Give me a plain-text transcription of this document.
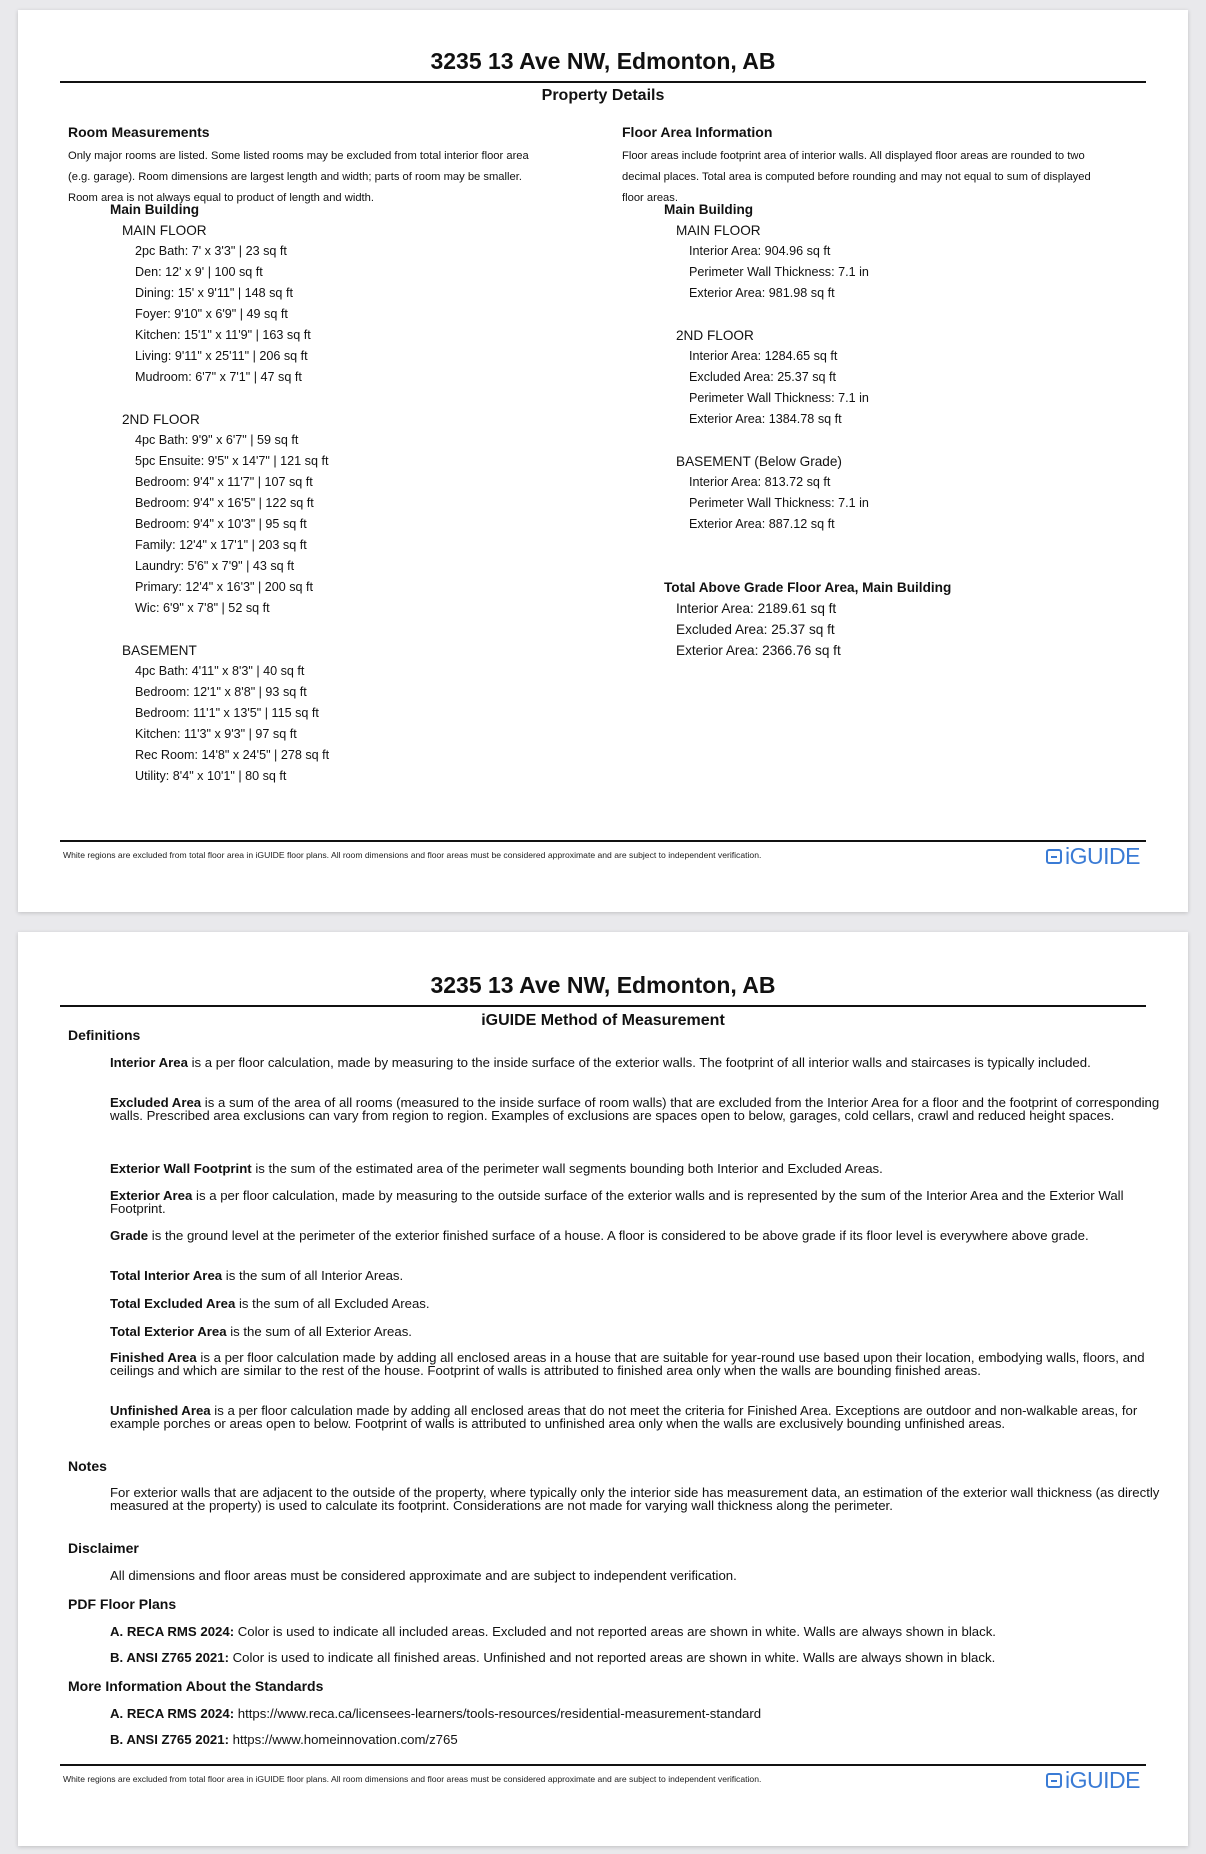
3235 13 Ave NW, Edmonton, AB
Property Details
Room Measurements

Only major rooms are listed. Some listed rooms may be excluded from total interior floor area
(e.g. garage). Room dimensions are largest length and width; parts of room may be smaller.
Room area is not always equal to product of length and width.

Main Building
MAIN FLOOR
2pc Bath: 7' x 3'3" | 23 sq ft
Den: 12' x 9' | 100 sq ft
Dining: 15' x 9'11" | 148 sq ft
Foyer: 9'10" x 6'9" | 49 sq ft
Kitchen: 15'1" x 11'9" | 163 sq ft
Living: 9'11" x 25'11" | 206 sq ft
Mudroom: 6'7" x 7'1" | 47 sq ft
2ND FLOOR
4pc Bath: 9'9" x 6'7" | 59 sq ft
5pc Ensuite: 9'5" x 14'7" | 121 sq ft
Bedroom: 9'4" x 11'7" | 107 sq ft
Bedroom: 9'4" x 16'5" | 122 sq ft
Bedroom: 9'4" x 10'3" | 95 sq ft
Family: 12'4" x 17'1" | 203 sq ft
Laundry: 5'6" x 7'9" | 43 sq ft
Primary: 12'4" x 16'3" | 200 sq ft
Wic: 6'9" x 7'8" | 52 sq ft
BASEMENT
4pc Bath: 4'11" x 8'3" | 40 sq ft
Bedroom: 12'1" x 8'8" | 93 sq ft
Bedroom: 11'1" x 13'5" | 115 sq ft
Kitchen: 11'3" x 9'3" | 97 sq ft
Rec Room: 14'8" x 24'5" | 278 sq ft
Utility: 8'4" x 10'1" | 80 sq ft
Floor Area Information

Floor areas include footprint area of interior walls. All displayed floor areas are rounded to two
decimal places. Total area is computed before rounding and may not equal to sum of displayed
floor areas.

Main Building
MAIN FLOOR
Interior Area: 904.96 sq ft
Perimeter Wall Thickness: 7.1 in
Exterior Area: 981.98 sq ft
2ND FLOOR
Interior Area: 1284.65 sq ft
Excluded Area: 25.37 sq ft
Perimeter Wall Thickness: 7.1 in
Exterior Area: 1384.78 sq ft
BASEMENT (Below Grade)
Interior Area: 813.72 sq ft
Perimeter Wall Thickness: 7.1 in
Exterior Area: 887.12 sq ft
Total Above Grade Floor Area, Main Building
Interior Area: 2189.61 sq ft
Excluded Area: 25.37 sq ft
Exterior Area: 2366.76 sq ft
White regions are excluded from total floor area in iGUIDE floor plans. All room dimensions and floor areas must be considered approximate and are subject to independent verification.	iGUIDE
3235 13 Ave NW, Edmonton, AB
iGUIDE Method of Measurement
Definitions

Interior Area is a per floor calculation, made by measuring to the inside surface of the exterior walls. The footprint of all interior walls and staircases is typically included.

Excluded Area is a sum of the area of all rooms (measured to the inside surface of room walls) that are excluded from the Interior Area for a floor and the footprint of corresponding walls. Prescribed area exclusions can vary from region to region. Examples of exclusions are spaces open to below, garages, cold cellars, crawl and reduced height spaces.

Exterior Wall Footprint is the sum of the estimated area of the perimeter wall segments bounding both Interior and Excluded Areas.

Exterior Area is a per floor calculation, made by measuring to the outside surface of the exterior walls and is represented by the sum of the Interior Area and the Exterior Wall Footprint.

Grade is the ground level at the perimeter of the exterior finished surface of a house. A floor is considered to be above grade if its floor level is everywhere above grade.

Total Interior Area is the sum of all Interior Areas.

Total Excluded Area is the sum of all Excluded Areas.

Total Exterior Area is the sum of all Exterior Areas.

Finished Area is a per floor calculation made by adding all enclosed areas in a house that are suitable for year-round use based upon their location, embodying walls, floors, and ceilings and which are similar to the rest of the house. Footprint of walls is attributed to finished area only when the walls are bounding finished areas.

Unfinished Area is a per floor calculation made by adding all enclosed areas that do not meet the criteria for Finished Area. Exceptions are outdoor and non-walkable areas, for example porches or areas open to below. Footprint of walls is attributed to unfinished area only when the walls are exclusively bounding unfinished areas.

Notes

For exterior walls that are adjacent to the outside of the property, where typically only the interior side has measurement data, an estimation of the exterior wall thickness (as directly measured at the property) is used to calculate its footprint. Considerations are not made for varying wall thickness along the perimeter.

Disclaimer

All dimensions and floor areas must be considered approximate and are subject to independent verification.

PDF Floor Plans

A. RECA RMS 2024: Color is used to indicate all included areas. Excluded and not reported areas are shown in white. Walls are always shown in black.

B. ANSI Z765 2021: Color is used to indicate all finished areas. Unfinished and not reported areas are shown in white. Walls are always shown in black.

More Information About the Standards

A. RECA RMS 2024: https://www.reca.ca/licensees-learners/tools-resources/residential-measurement-standard

B. ANSI Z765 2021: https://www.homeinnovation.com/z765

White regions are excluded from total floor area in iGUIDE floor plans. All room dimensions and floor areas must be considered approximate and are subject to independent verification.	iGUIDE
